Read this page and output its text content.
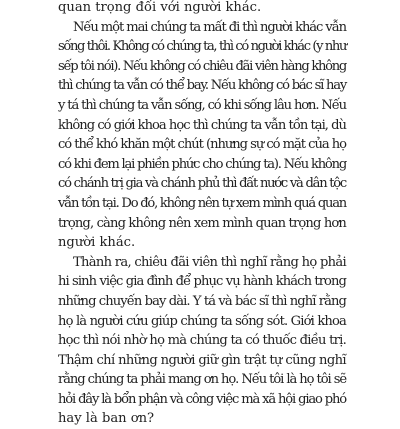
quan trọng đối với người khác.
Nếu một mai chúng ta mất đi thì người khác vẫn
sống thôi. Không có chúng ta, thì có người khác (y như
sếp tôi nói). Nếu không có chiêu đãi viên hàng không
thì chúng ta vẫn có thể bay. Nếu không có bác sĩ hay
y tá thì chúng ta vẫn sống, có khi sống lâu hơn. Nếu
không có giới khoa học thì chúng ta vẫn tồn tại, dù
có thể khó khăn một chút (nhưng sự có mặt của họ
có khi đem lại phiền phức cho chúng ta). Nếu không
có chánh trị gia và chánh phủ thì đất nước và dân tộc
vẫn tồn tại. Do đó, không nên tự xem mình quá quan
trọng, càng không nên xem mình quan trọng hơn
người khác.
Thành ra, chiêu đãi viên thì nghĩ rằng họ phải
hi sinh việc gia đình để phục vụ hành khách trong
những chuyến bay dài. Y tá và bác sĩ thì nghĩ rằng
họ là người cứu giúp chúng ta sống sót. Giới khoa
học thì nói nhờ họ mà chúng ta có thuốc điều trị.
Thậm chí những người giữ gìn trật tự cũng nghĩ
rằng chúng ta phải mang ơn họ. Nếu tôi là họ tôi sẽ
hỏi đây là bổn phận và công việc mà xã hội giao phó
hay là ban ơn?
